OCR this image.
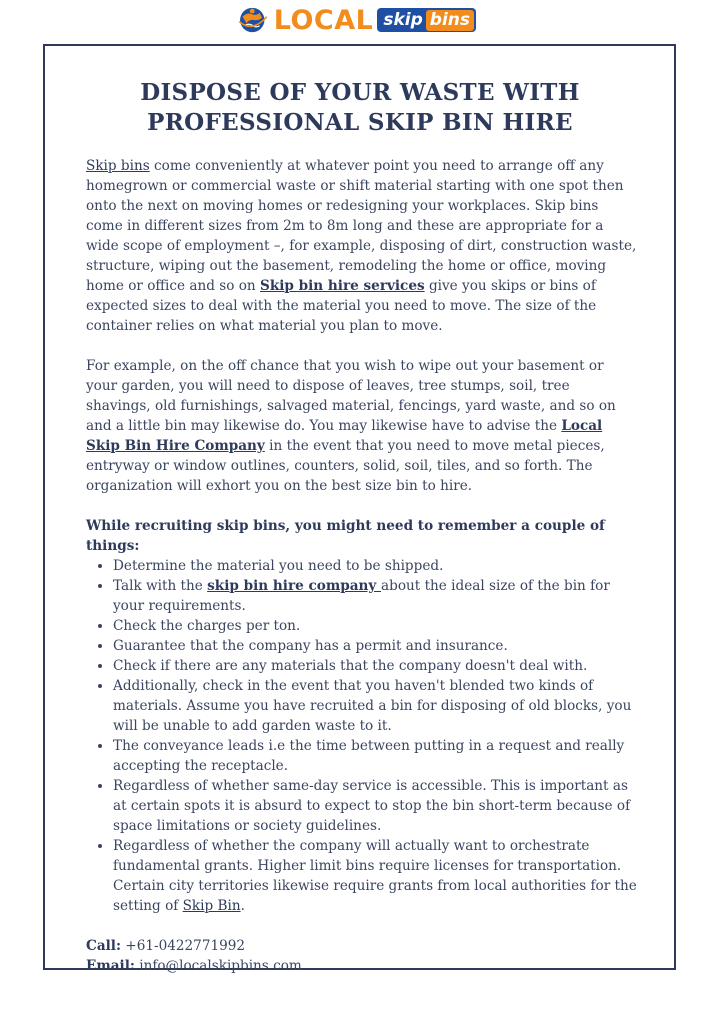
LOCAL skip bins
DISPOSE OF YOUR WASTE WITH
PROFESSIONAL SKIP BIN HIRE

Skip bins come conveniently at whatever point you need to arrange off any homegrown or commercial waste or shift material starting with one spot then onto the next on moving homes or redesigning your workplaces. Skip bins come in different sizes from 2m to 8m long and these are appropriate for a wide scope of employment –, for example, disposing of dirt, construction waste, structure, wiping out the basement, remodeling the home or office, moving home or office and so on Skip bin hire services give you skips or bins of expected sizes to deal with the material you need to move. The size of the container relies on what material you plan to move.

For example, on the off chance that you wish to wipe out your basement or your garden, you will need to dispose of leaves, tree stumps, soil, tree shavings, old furnishings, salvaged material, fencings, yard waste, and so on and a little bin may likewise do. You may likewise have to advise the Local Skip Bin Hire Company in the event that you need to move metal pieces, entryway or window outlines, counters, solid, soil, tiles, and so forth. The organization will exhort you on the best size bin to hire.

While recruiting skip bins, you might need to remember a couple of things:

• Determine the material you need to be shipped.
• Talk with the skip bin hire company about the ideal size of the bin for your requirements.
• Check the charges per ton.
• Guarantee that the company has a permit and insurance.
• Check if there are any materials that the company doesn't deal with.
• Additionally, check in the event that you haven't blended two kinds of materials. Assume you have recruited a bin for disposing of old blocks, you will be unable to add garden waste to it.
• The conveyance leads i.e the time between putting in a request and really accepting the receptacle.
• Regardless of whether same-day service is accessible. This is important as at certain spots it is absurd to expect to stop the bin short-term because of space limitations or society guidelines.
• Regardless of whether the company will actually want to orchestrate fundamental grants. Higher limit bins require licenses for transportation. Certain city territories likewise require grants from local authorities for the setting of Skip Bin.

Call: +61-0422771992

Email: info@localskipbins.com
